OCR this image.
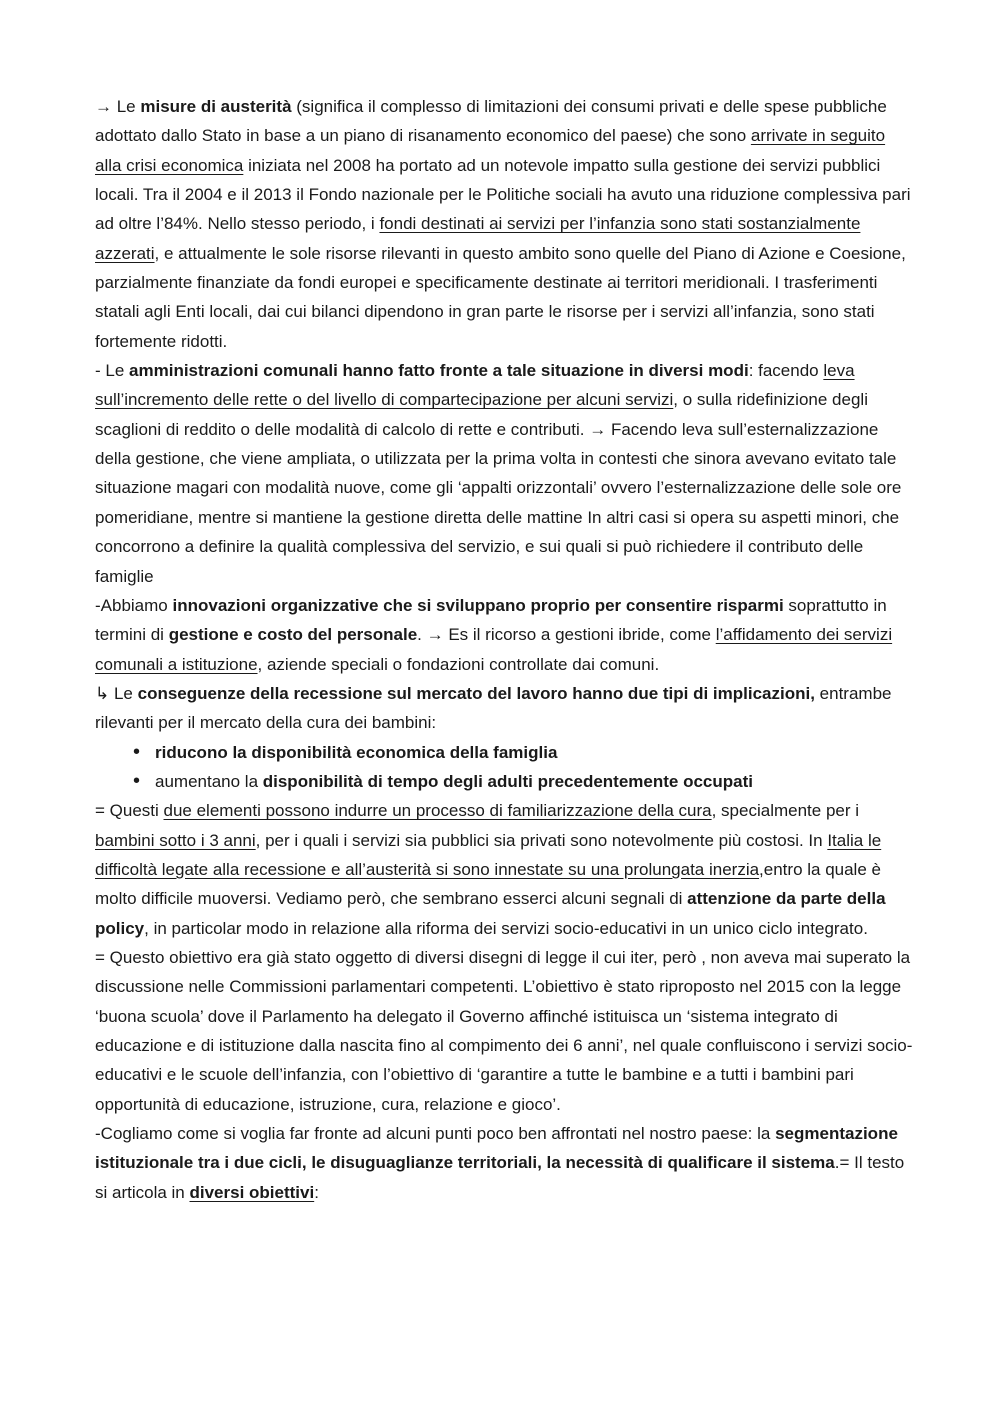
→ Le misure di austerità (significa il complesso di limitazioni dei consumi privati e delle spese pubbliche adottato dallo Stato in base a un piano di risanamento economico del paese) che sono arrivate in seguito alla crisi economica iniziata nel 2008 ha portato ad un notevole impatto sulla gestione dei servizi pubblici locali. Tra il 2004 e il 2013 il Fondo nazionale per le Politiche sociali ha avuto una riduzione complessiva pari ad oltre l’84%. Nello stesso periodo, i fondi destinati ai servizi per l’infanzia sono stati sostanzialmente azzerati, e attualmente le sole risorse rilevanti in questo ambito sono quelle del Piano di Azione e Coesione, parzialmente finanziate da fondi europei e specificamente destinate ai territori meridionali. I trasferimenti statali agli Enti locali, dai cui bilanci dipendono in gran parte le risorse per i servizi all’infanzia, sono stati fortemente ridotti.

- Le amministrazioni comunali hanno fatto fronte a tale situazione in diversi modi: facendo leva sull’incremento delle rette o del livello di compartecipazione per alcuni servizi, o sulla ridefinizione degli scaglioni di reddito o delle modalità di calcolo di rette e contributi. → Facendo leva sull’esternalizzazione della gestione, che viene ampliata, o utilizzata per la prima volta in contesti che sinora avevano evitato tale situazione magari con modalità nuove, come gli ‘appalti orizzontali’ ovvero l’esternalizzazione delle sole ore pomeridiane, mentre si mantiene la gestione diretta delle mattine In altri casi si opera su aspetti minori, che concorrono a definire la qualità complessiva del servizio, e sui quali si può richiedere il contributo delle famiglie

-Abbiamo innovazioni organizzative che si sviluppano proprio per consentire risparmi soprattutto in termini di gestione e costo del personale. → Es il ricorso a gestioni ibride, come l’affidamento dei servizi comunali a istituzione, aziende speciali o fondazioni controllate dai comuni.

↳ Le conseguenze della recessione sul mercato del lavoro hanno due tipi di implicazioni, entrambe rilevanti per il mercato della cura dei bambini:

• riducono la disponibilità economica della famiglia
• aumentano la disponibilità di tempo degli adulti precedentemente occupati

= Questi due elementi possono indurre un processo di familiarizzazione della cura, specialmente per i bambini sotto i 3 anni, per i quali i servizi sia pubblici sia privati sono notevolmente più costosi. In Italia le difficoltà legate alla recessione e all’austerità si sono innestate su una prolungata inerzia,entro la quale è molto difficile muoversi. Vediamo però, che sembrano esserci alcuni segnali di attenzione da parte della policy, in particolar modo in relazione alla riforma dei servizi socio-educativi in un unico ciclo integrato.

= Questo obiettivo era già stato oggetto di diversi disegni di legge il cui iter, però , non aveva mai superato la discussione nelle Commissioni parlamentari competenti. L’obiettivo è stato riproposto nel 2015 con la legge ‘buona scuola’ dove il Parlamento ha delegato il Governo affinché istituisca un ‘sistema integrato di educazione e di istituzione dalla nascita fino al compimento dei 6 anni’, nel quale confluiscono i servizi socio-educativi e le scuole dell’infanzia, con l’obiettivo di ‘garantire a tutte le bambine e a tutti i bambini pari opportunità di educazione, istruzione, cura, relazione e gioco’.

-Cogliamo come si voglia far fronte ad alcuni punti poco ben affrontati nel nostro paese: la segmentazione istituzionale tra i due cicli, le disuguaglianze territoriali, la necessità di qualificare il sistema.= Il testo si articola in diversi obiettivi:
